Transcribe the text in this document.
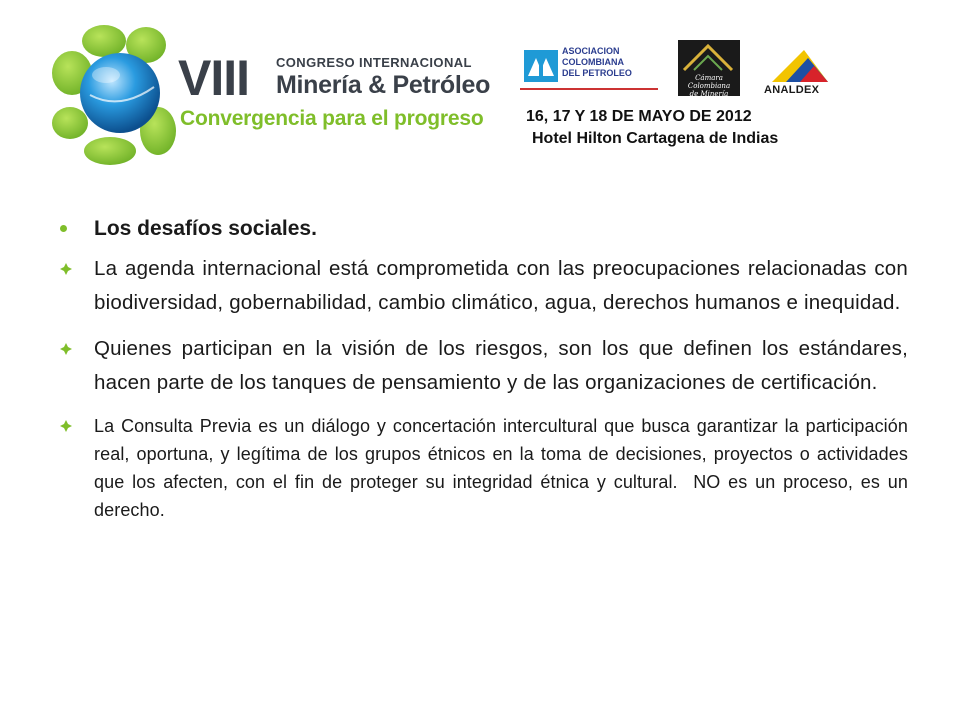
VIII CONGRESO INTERNACIONAL
Minería & Petróleo
Convergencia para el progreso
ASOCIACION
COLOMBIANA
DEL PETROLEO	Cámara
Colombiana
de Minería	ANALDEX
16, 17 Y 18 DE MAYO DE 2012
Hotel Hilton Cartagena de Indias
Los desafíos sociales.
La agenda internacional está comprometida con las preocupaciones relacionadas con biodiversidad, gobernabilidad, cambio climático, agua, derechos humanos e inequidad.
Quienes participan en la visión de los riesgos, son los que definen los estándares, hacen parte de los tanques de pensamiento y de las organizaciones de certificación.
La Consulta Previa es un diálogo y concertación intercultural que busca garantizar la participación real, oportuna, y legítima de los grupos étnicos en la toma de decisiones, proyectos o actividades que los afecten, con el fin de proteger su integridad étnica y cultural.  NO es un proceso, es un derecho.
